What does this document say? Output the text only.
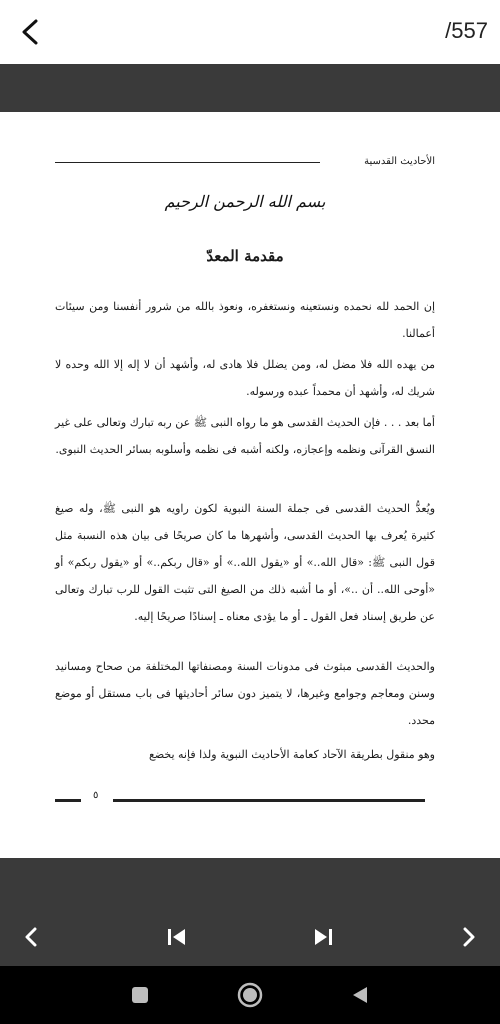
/557
الأحاديث القدسية
بسم الله الرحمن الرحيم
مقدمة المعدّ

إن الحمد لله نحمده ونستعينه ونستغفره، ونعوذ بالله من شرور أنفسنا ومن سيئات أعمالنا.

من يهده الله فلا مضل له، ومن يضلل فلا هادى له، وأشهد أن لا إله إلا الله وحده لا شريك له، وأشهد أن محمداً عبده ورسوله.

أما بعد . . . فإن الحديث القدسى هو ما رواه النبى ﷺ عن ربه تبارك وتعالى على غير النسق القرآنى ونظمه وإعجازه، ولكنه أشبه فى نظمه وأسلوبه بسائر الحديث النبوى.

ويُعدُّ الحديث القدسى فى جملة السنة النبوية لكون راويه هو النبى ﷺ، وله صيغ كثيرة يُعرف بها الحديث القدسى، وأشهرها ما كان صريحًا فى بيان هذه النسبة مثل قول النبى ﷺ: «قال الله..» أو «يقول الله..» أو «قال ربكم..» أو «يقول ربكم» أو «أوحى الله.. أن ..»، أو ما أشبه ذلك من الصيغ التى تثبت القول للرب تبارك وتعالى عن طريق إسناد فعل القول ـ أو ما يؤدى معناه ـ إسنادًا صريحًا إليه.

والحديث القدسى مبثوث فى مدونات السنة ومصنفاتها المختلفة من صحاح ومسانيد وسنن ومعاجم وجوامع وغيرها، لا يتميز دون سائر أحاديثها فى باب مستقل أو موضع محدد.

وهو منقول بطريقة الآحاد كعامة الأحاديث النبوية ولذا فإنه يخضع

٥
